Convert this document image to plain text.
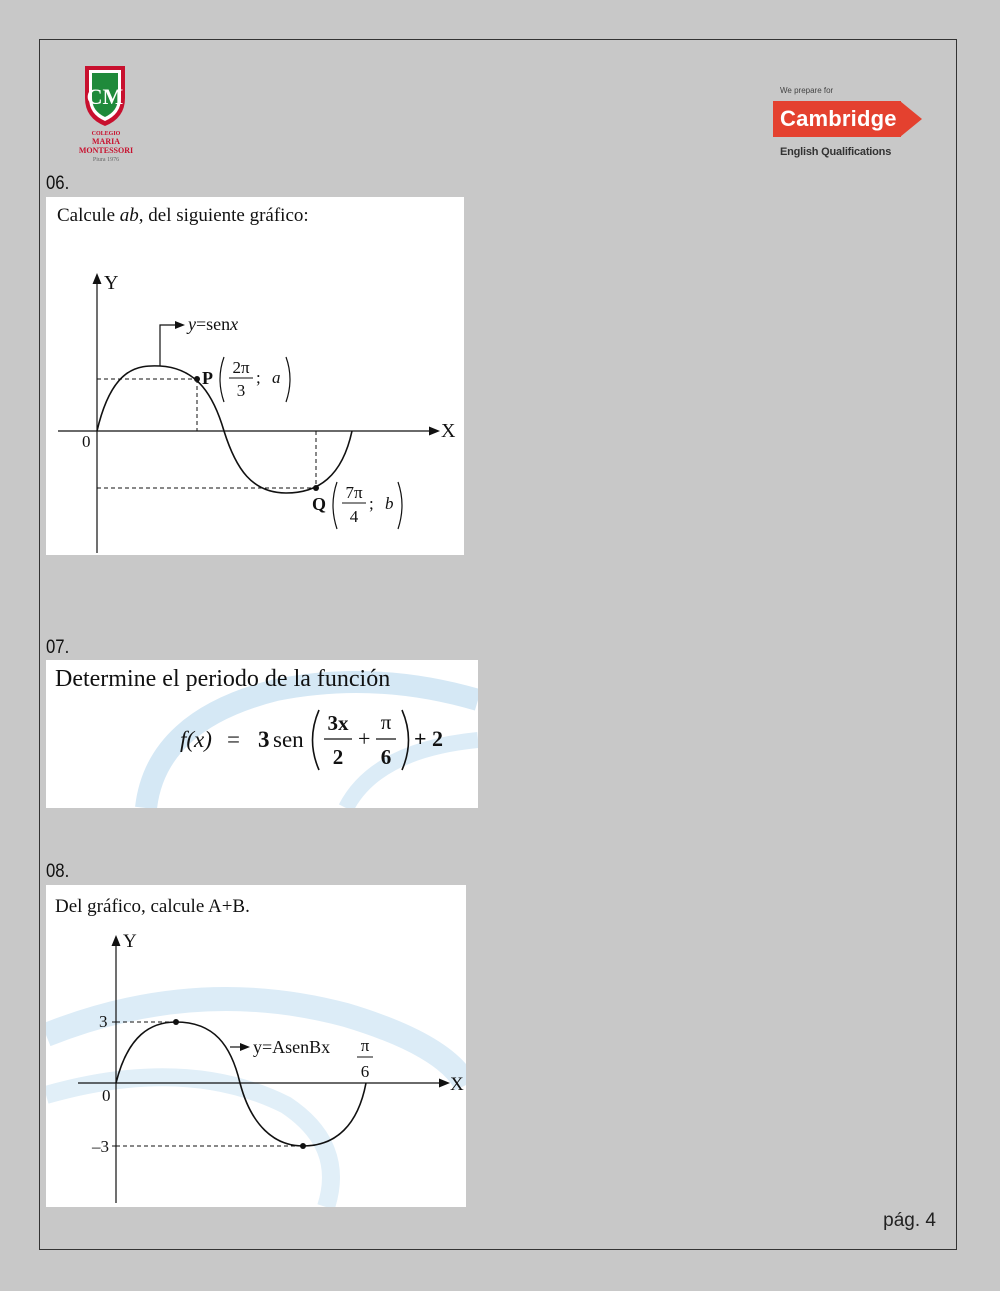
CM
COLEGIO
MARIA
MONTESSORI
Piura 1976
We prepare for
Cambridge
English Qualifications
06.
Calcule ab, del siguiente gráfico:
X
Y
0
y=senx
P
2π
3
; a
Q
7π
4
; b
07.
Determine el periodo de la función
f(x) = 3 sen
3x
2
+
π
6
+ 2
08.
Del gráfico, calcule A+B.
X
Y
0
3
–3
y=AsenBx π
6
pág. 4
